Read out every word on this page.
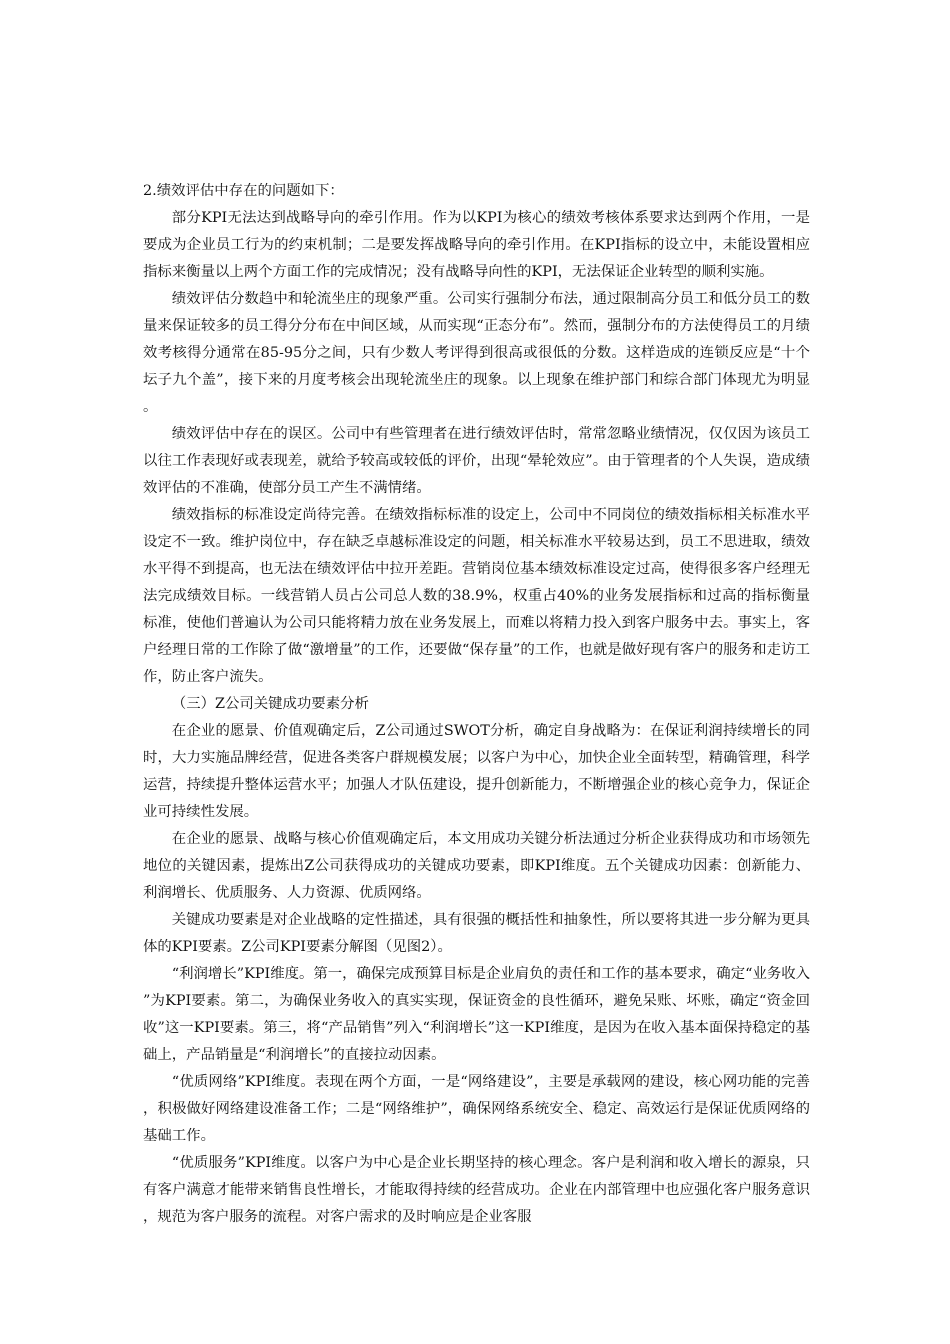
2.绩效评估中存在的问题如下：

部分KPI无法达到战略导向的牵引作用。作为以KPI为核心的绩效考核体系要求达到两个作用，一是要成为企业员工行为的约束机制；二是要发挥战略导向的牵引作用。在KPI指标的设立中，未能设置相应指标来衡量以上两个方面工作的完成情况；没有战略导向性的KPI，无法保证企业转型的顺利实施。

绩效评估分数趋中和轮流坐庄的现象严重。公司实行强制分布法，通过限制高分员工和低分员工的数量来保证较多的员工得分分布在中间区域，从而实现“正态分布”。然而，强制分布的方法使得员工的月绩效考核得分通常在85-95分之间，只有少数人考评得到很高或很低的分数。这样造成的连锁反应是“十个坛子九个盖”，接下来的月度考核会出现轮流坐庄的现象。以上现象在维护部门和综合部门体现尤为明显。

绩效评估中存在的误区。公司中有些管理者在进行绩效评估时，常常忽略业绩情况，仅仅因为该员工以往工作表现好或表现差，就给予较高或较低的评价，出现“晕轮效应”。由于管理者的个人失误，造成绩效评估的不准确，使部分员工产生不满情绪。

绩效指标的标准设定尚待完善。在绩效指标标准的设定上，公司中不同岗位的绩效指标相关标准水平设定不一致。维护岗位中，存在缺乏卓越标准设定的问题，相关标准水平较易达到，员工不思进取，绩效水平得不到提高，也无法在绩效评估中拉开差距。营销岗位基本绩效标准设定过高，使得很多客户经理无法完成绩效目标。一线营销人员占公司总人数的38.9%，权重占40%的业务发展指标和过高的指标衡量标准，使他们普遍认为公司只能将精力放在业务发展上，而难以将精力投入到客户服务中去。事实上，客户经理日常的工作除了做“激增量”的工作，还要做“保存量”的工作，也就是做好现有客户的服务和走访工作，防止客户流失。

（三）Z公司关键成功要素分析

在企业的愿景、价值观确定后，Z公司通过SWOT分析，确定自身战略为：在保证利润持续增长的同时，大力实施品牌经营，促进各类客户群规模发展；以客户为中心，加快企业全面转型，精确管理，科学运营，持续提升整体运营水平；加强人才队伍建设，提升创新能力，不断增强企业的核心竞争力，保证企业可持续性发展。

在企业的愿景、战略与核心价值观确定后，本文用成功关键分析法通过分析企业获得成功和市场领先地位的关键因素，提炼出Z公司获得成功的关键成功要素，即KPI维度。五个关键成功因素：创新能力、利润增长、优质服务、人力资源、优质网络。

关键成功要素是对企业战略的定性描述，具有很强的概括性和抽象性，所以要将其进一步分解为更具体的KPI要素。Z公司KPI要素分解图（见图2）。

“利润增长”KPI维度。第一，确保完成预算目标是企业肩负的责任和工作的基本要求，确定“业务收入”为KPI要素。第二，为确保业务收入的真实实现，保证资金的良性循环，避免呆账、坏账，确定“资金回收”这一KPI要素。第三，将“产品销售”列入“利润增长”这一KPI维度，是因为在收入基本面保持稳定的基础上，产品销量是“利润增长”的直接拉动因素。

“优质网络”KPI维度。表现在两个方面，一是“网络建设”，主要是承载网的建设，核心网功能的完善，积极做好网络建设准备工作；二是“网络维护”，确保网络系统安全、稳定、高效运行是保证优质网络的基础工作。

“优质服务”KPI维度。以客户为中心是企业长期坚持的核心理念。客户是利润和收入增长的源泉，只有客户满意才能带来销售良性增长，才能取得持续的经营成功。企业在内部管理中也应强化客户服务意识，规范为客户服务的流程。对客户需求的及时响应是企业客服
